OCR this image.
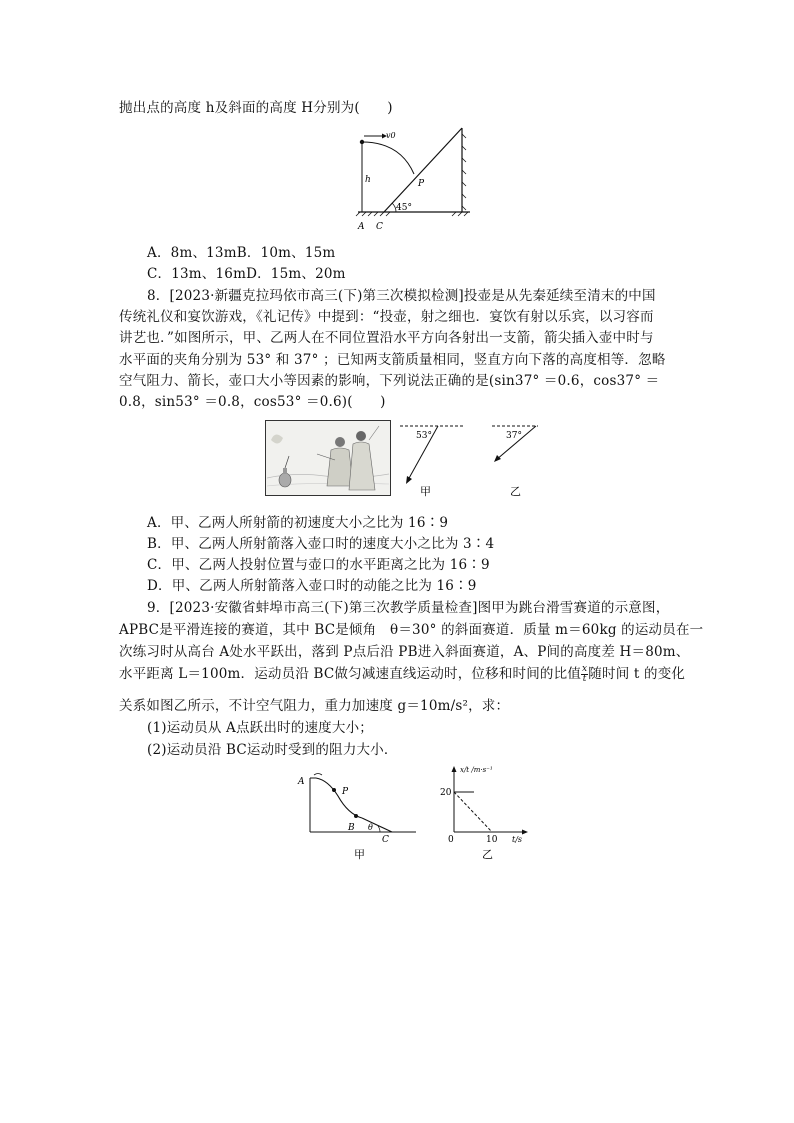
抛出点的高度 h及斜面的高度 H分别为(　　)
v0
h	P
45°
A C
A．8m、13mB．10m、15m
C．13m、16mD．15m、20m
8．[2023·新疆克拉玛依市高三(下)第三次模拟检测]投壶是从先秦延续至清末的中国
传统礼仪和宴饮游戏，《礼记传》中提到：“投壶，射之细也．宴饮有射以乐宾，以习容而
讲艺也．”如图所示，甲、乙两人在不同位置沿水平方向各射出一支箭，箭尖插入壶中时与
水平面的夹角分别为 53° 和 37° ；已知两支箭质量相同，竖直方向下落的高度相等．忽略
空气阻力、箭长，壶口大小等因素的影响，下列说法正确的是(sin37° ＝0.6，cos37° ＝
0.8，sin53° ＝0.8，cos53° ＝0.6)(　　)
53°
甲
37°
乙
A．甲、乙两人所射箭的初速度大小之比为 16∶9
B．甲、乙两人所射箭落入壶口时的速度大小之比为 3∶4
C．甲、乙两人投射位置与壶口的水平距离之比为 16∶9
D．甲、乙两人所射箭落入壶口时的动能之比为 16∶9
9．[2023·安徽省蚌埠市高三(下)第三次教学质量检查]图甲为跳台滑雪赛道的示意图，
APBC是平滑连接的赛道，其中 BC是倾角　θ＝30° 的斜面赛道．质量 m＝60kg 的运动员在一
次练习时从高台 A处水平跃出，落到 P点后沿 PB进入斜面赛道，A、P间的高度差 H＝80m、
水平距离 L＝100m．运动员沿 BC做匀减速直线运动时，位移和时间的比值 $\frac{x}{t}$ 随时间 t 的变化
关系如图乙所示，不计空气阻力，重力加速度 g＝10m/s²，求：
(1)运动员从 A点跃出时的速度大小；
(2)运动员沿 BC运动时受到的阻力大小．
A
P
B
C
θ
甲
x/t /m·s⁻¹
20
0	10 t/s
乙
